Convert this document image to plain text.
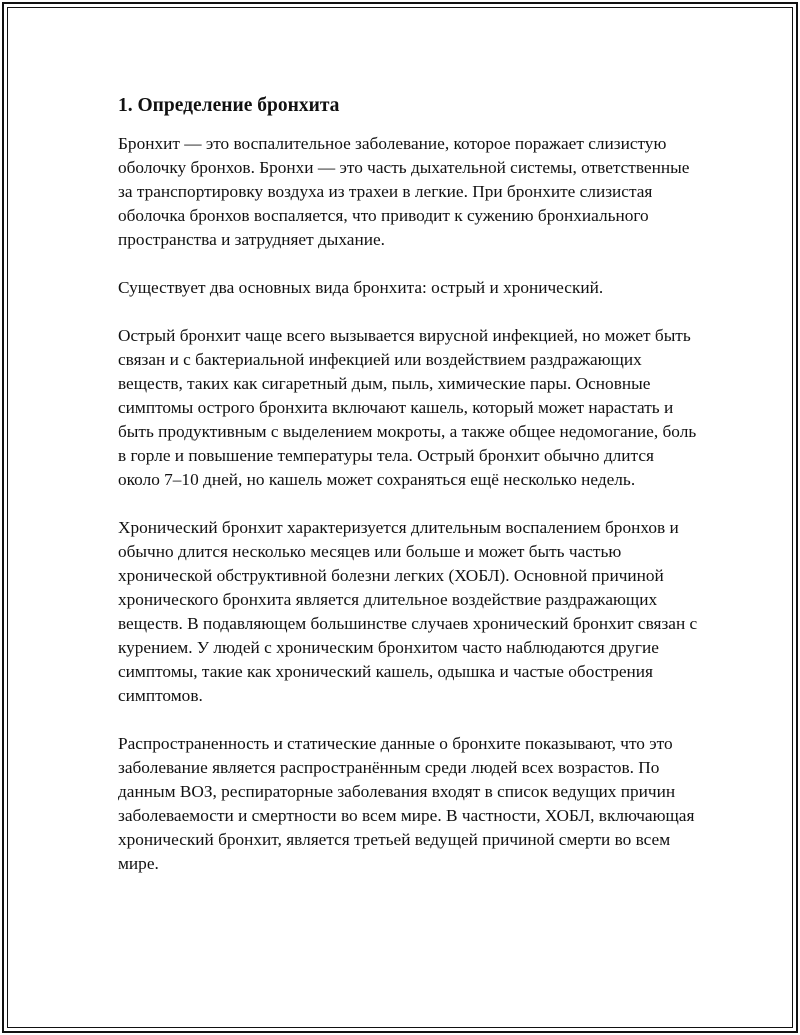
1. Определение бронхита

Бронхит — это воспалительное заболевание, которое поражает слизистую оболочку бронхов. Бронхи — это часть дыхательной системы, ответственные за транспортировку воздуха из трахеи в легкие. При бронхите слизистая оболочка бронхов воспаляется, что приводит к сужению бронхиального пространства и затрудняет дыхание.

Существует два основных вида бронхита: острый и хронический.

Острый бронхит чаще всего вызывается вирусной инфекцией, но может быть связан и с бактериальной инфекцией или воздействием раздражающих веществ, таких как сигаретный дым, пыль, химические пары. Основные симптомы острого бронхита включают кашель, который может нарастать и быть продуктивным с выделением мокроты, а также общее недомогание, боль в горле и повышение температуры тела. Острый бронхит обычно длится около 7–10 дней, но кашель может сохраняться ещё несколько недель.

Хронический бронхит характеризуется длительным воспалением бронхов и обычно длится несколько месяцев или больше и может быть частью хронической обструктивной болезни легких (ХОБЛ). Основной причиной хронического бронхита является длительное воздействие раздражающих веществ. В подавляющем большинстве случаев хронический бронхит связан с курением. У людей с хроническим бронхитом часто наблюдаются другие симптомы, такие как хронический кашель, одышка и частые обострения симптомов.

Распространенность и статические данные о бронхите показывают, что это заболевание является распространённым среди людей всех возрастов. По данным ВОЗ, респираторные заболевания входят в список ведущих причин заболеваемости и смертности во всем мире. В частности, ХОБЛ, включающая хронический бронхит, является третьей ведущей причиной смерти во всем мире.
